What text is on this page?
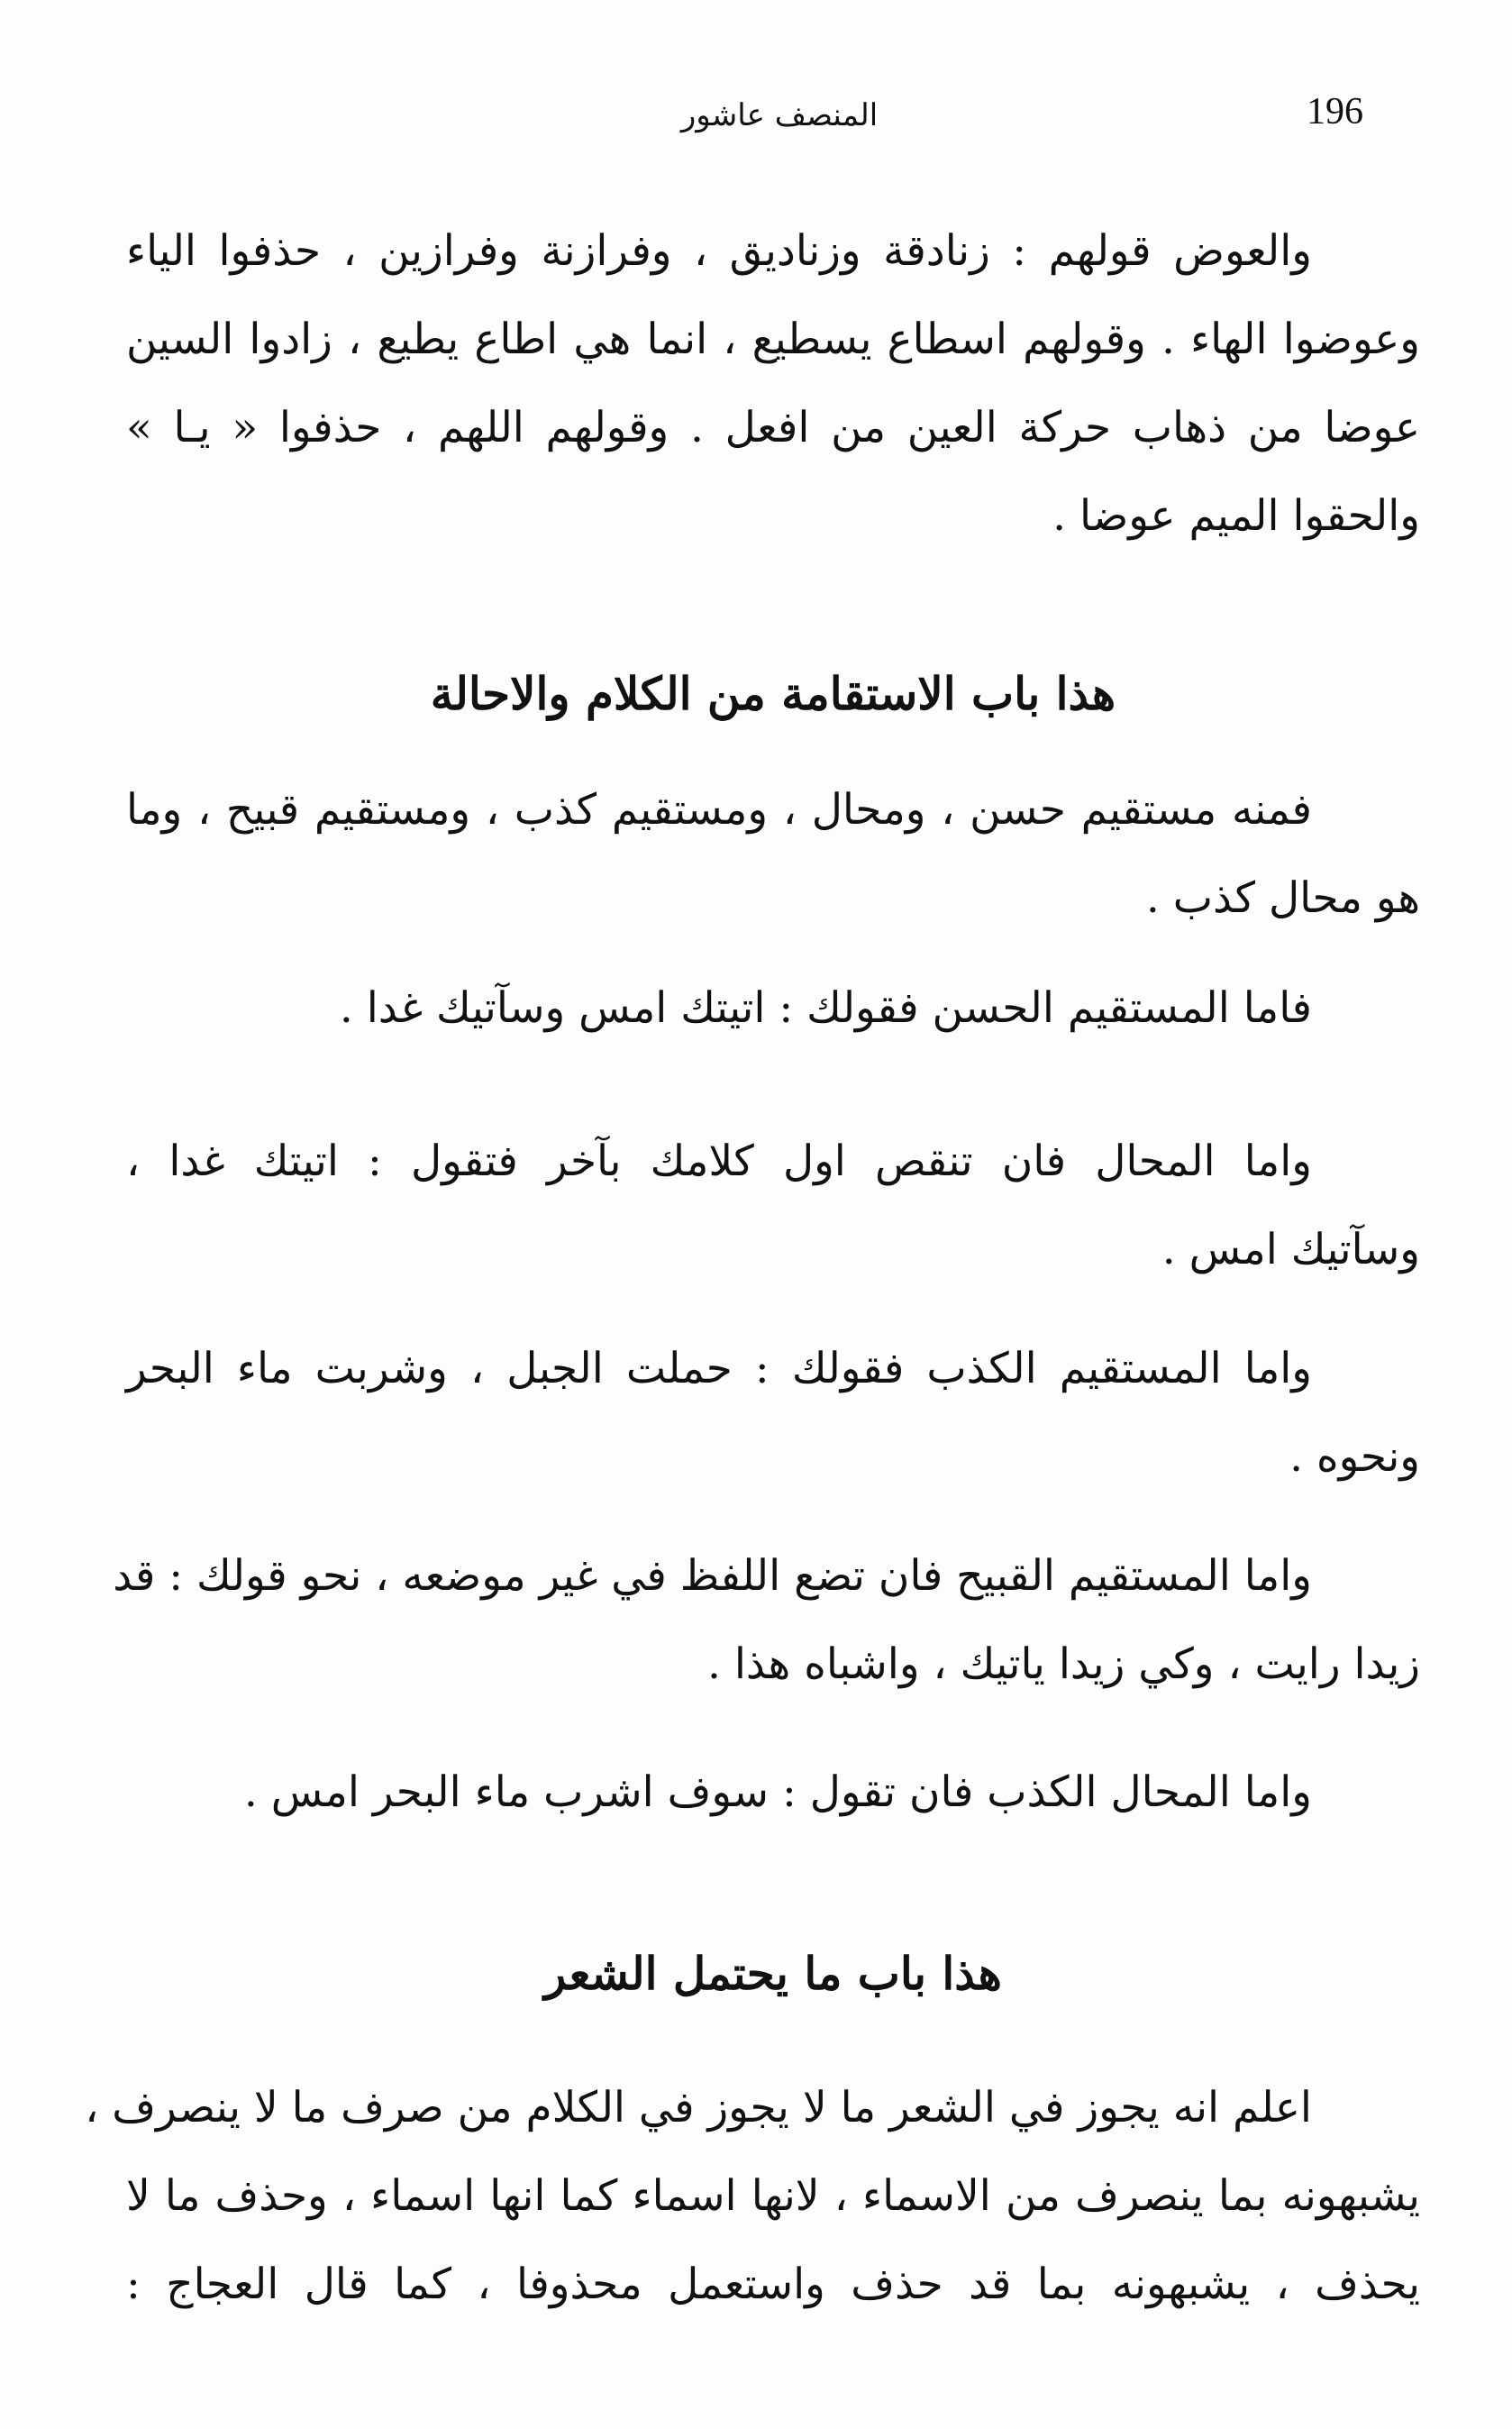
196
المنصف عاشور
والعوض قولهم : زنادقة وزناديق ، وفرازنة وفرازين ، حذفوا الياء
وعوضوا الهاء . وقولهم اسطاع يسطيع ، انما هي اطاع يطيع ، زادوا السين
عوضا من ذهاب حركة العين من افعل . وقولهم اللهم ، حذفوا « يـا »
والحقوا الميم عوضا .
هذا باب الاستقامة من الكلام والاحالة
فمنه مستقيم حسن ، ومحال ، ومستقيم كذب ، ومستقيم قبيح ، وما
هو محال كذب .
فاما المستقيم الحسن فقولك : اتيتك امس وسآتيك غدا .
واما المحال فان تنقص اول كلامك بآخر فتقول : اتيتك غدا ،
وسآتيك امس .
واما المستقيم الكذب فقولك : حملت الجبل ، وشربت ماء البحر
ونحوه .
واما المستقيم القبيح فان تضع اللفظ في غير موضعه ، نحو قولك : قد
زيدا رايت ، وكي زيدا ياتيك ، واشباه هذا .
واما المحال الكذب فان تقول : سوف اشرب ماء البحر امس .
هذا باب ما يحتمل الشعر
اعلم انه يجوز في الشعر ما لا يجوز في الكلام من صرف ما لا ينصرف ،
يشبهونه بما ينصرف من الاسماء ، لانها اسماء كما انها اسماء ، وحذف ما لا
يحذف ، يشبهونه بما قد حذف واستعمل محذوفا ، كما قال العجاج :
